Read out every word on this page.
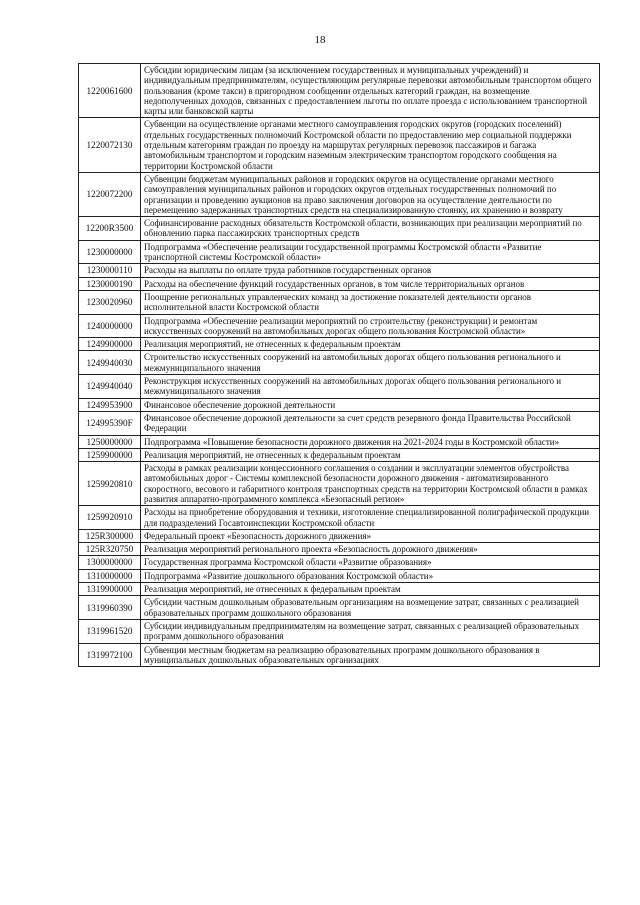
18
1220061600	Субсидии юридическим лицам (за исключением государственных и муниципальных учреждений) и индивидуальным предпринимателям, осуществляющим регулярные перевозки автомобильным транспортом общего пользования (кроме такси) в пригородном сообщении отдельных категорий граждан, на возмещение недополученных доходов, связанных с предоставлением льготы по оплате проезда с использованием транспортной карты или банковской карты
1220072130	Субвенции на осуществление органами местного самоуправления городских округов (городских поселений) отдельных государственных полномочий Костромской области по предоставлению мер социальной поддержки отдельным категориям граждан по проезду на маршрутах регулярных перевозок пассажиров и багажа автомобильным транспортом и городским наземным электрическим транспортом городского сообщения на территории Костромской области
1220072200	Субвенции бюджетам муниципальных районов и городских округов на осуществление органами местного самоуправления муниципальных районов и городских округов отдельных государственных полномочий по организации и проведению аукционов на право заключения договоров на осуществление деятельности по перемещению задержанных транспортных средств на специализированную стоянку, их хранению и возврату
12200R3500	Софинансирование расходных обязательств Костромской области, возникающих при реализации мероприятий по обновлению парка пассажирских транспортных средств
1230000000	Подпрограмма «Обеспечение реализации государственной программы Костромской области «Развитие транспортной системы Костромской области»
1230000110	Расходы на выплаты по оплате труда работников государственных органов
1230000190	Расходы на обеспечение функций государственных органов, в том числе территориальных органов
1230020960	Поощрение региональных управленческих команд за достижение показателей деятельности органов исполнительной власти Костромской области
1240000000	Подпрограмма «Обеспечение реализации мероприятий по строительству (реконструкции) и ремонтам искусственных сооружений на автомобильных дорогах общего пользования Костромской области»
1249900000	Реализация мероприятий, не отнесенных к федеральным проектам
1249940030	Строительство искусственных сооружений на автомобильных дорогах общего пользования регионального и межмуниципального значения
1249940040	Реконструкция искусственных сооружений на автомобильных дорогах общего пользования регионального и межмуниципального значения
1249953900	Финансовое обеспечение дорожной деятельности
124995390F	Финансовое обеспечение дорожной деятельности за счет средств резервного фонда Правительства Российской Федерации
1250000000	Подпрограмма «Повышение безопасности дорожного движения на 2021-2024 годы в Костромской области»
1259900000	Реализация мероприятий, не отнесенных к федеральным проектам
1259920810	Расходы в рамках реализации концессионного соглашения о создании и эксплуатации элементов обустройства автомобильных дорог - Системы комплексной безопасности дорожного движения - автоматизированного скоростного, весового и габаритного контроля транспортных средств на территории Костромской области в рамках развития аппаратно-программного комплекса «Безопасный регион»
1259920910	Расходы на приобретение оборудования и техники, изготовление специализированной полиграфической продукции для подразделений Госавтоинспекции Костромской области
125R300000	Федеральный проект «Безопасность дорожного движения»
125R320750	Реализация мероприятий регионального проекта «Безопасность дорожного движения»
1300000000	Государственная программа Костромской области «Развитие образования»
1310000000	Подпрограмма «Развитие дошкольного образования Костромской области»
1319900000	Реализация мероприятий, не отнесенных к федеральным проектам
1319960390	Субсидии частным дошкольным образовательным организациям на возмещение затрат, связанных с реализацией образовательных программ дошкольного образования
1319961520	Субсидии индивидуальным предпринимателям на возмещение затрат, связанных с реализацией образовательных программ дошкольного образования
1319972100	Субвенции местным бюджетам на реализацию образовательных программ дошкольного образования в муниципальных дошкольных образовательных организациях
